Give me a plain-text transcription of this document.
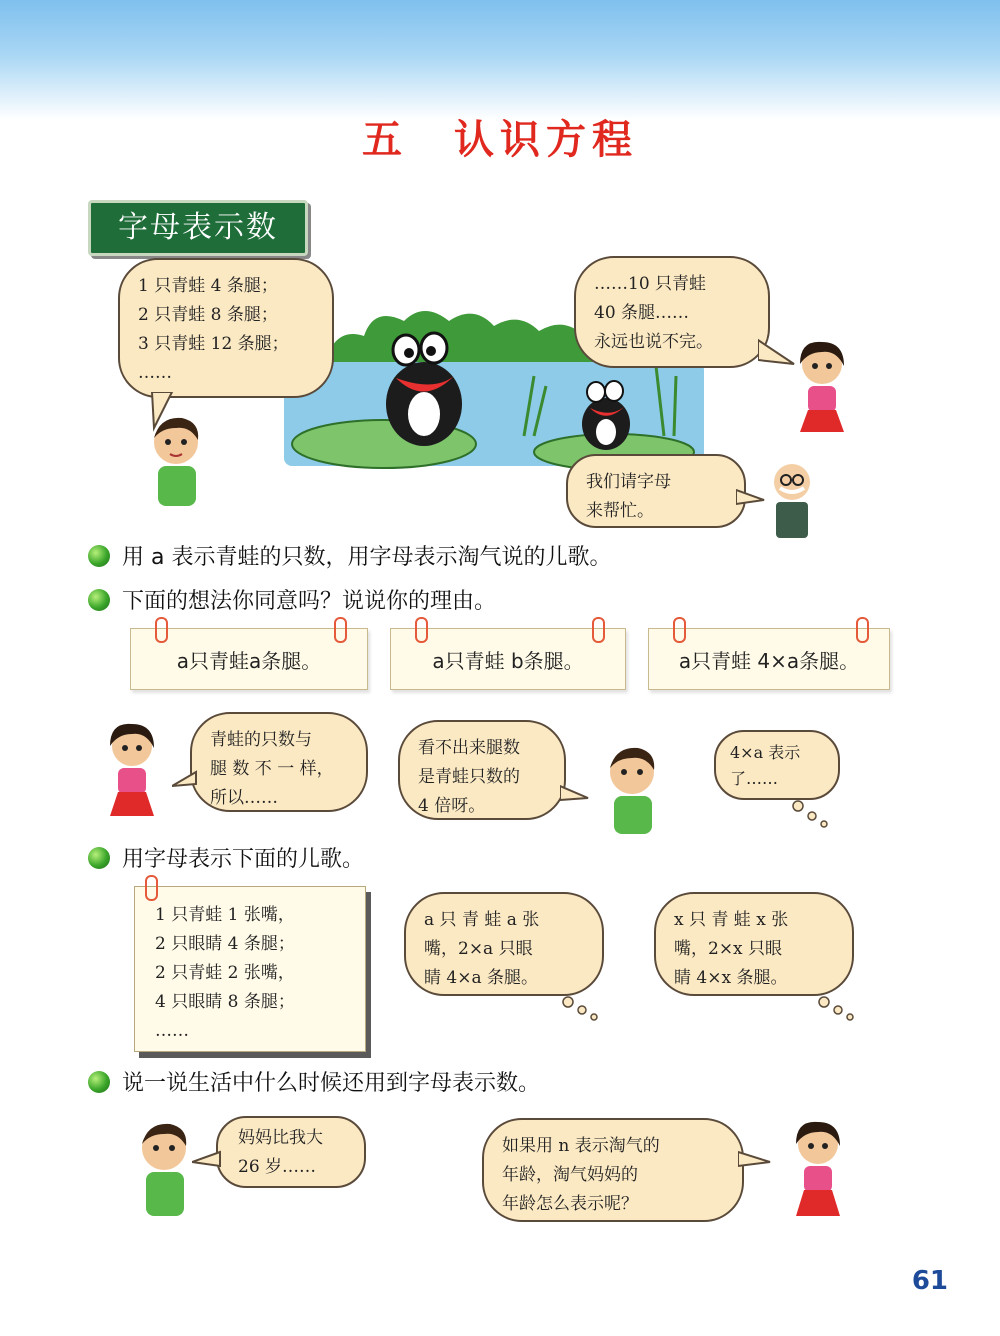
五　认识方程
字母表示数
1 只青蛙 4 条腿；
2 只青蛙 8 条腿；
3 只青蛙 12 条腿；
……
……10 只青蛙
40 条腿……
永远也说不完。
我们请字母
来帮忙。
用 a 表示青蛙的只数，用字母表示淘气说的儿歌。
下面的想法你同意吗？说说你的理由。
a只青蛙a条腿。	a只青蛙 b条腿。	a只青蛙 4×a条腿。
青蛙的只数与
腿 数 不 一 样，
所以……
看不出来腿数
是青蛙只数的
4 倍呀。
4×a 表示
了……
用字母表示下面的儿歌。
1 只青蛙 1 张嘴，
2 只眼睛 4 条腿；
2 只青蛙 2 张嘴，
4 只眼睛 8 条腿；
……
a 只 青 蛙 a 张
嘴，2×a 只眼
睛 4×a 条腿。
x 只 青 蛙 x 张
嘴，2×x 只眼
睛 4×x 条腿。
说一说生活中什么时候还用到字母表示数。
妈妈比我大
26 岁……
如果用 n 表示淘气的
年龄，淘气妈妈的
年龄怎么表示呢？
61
